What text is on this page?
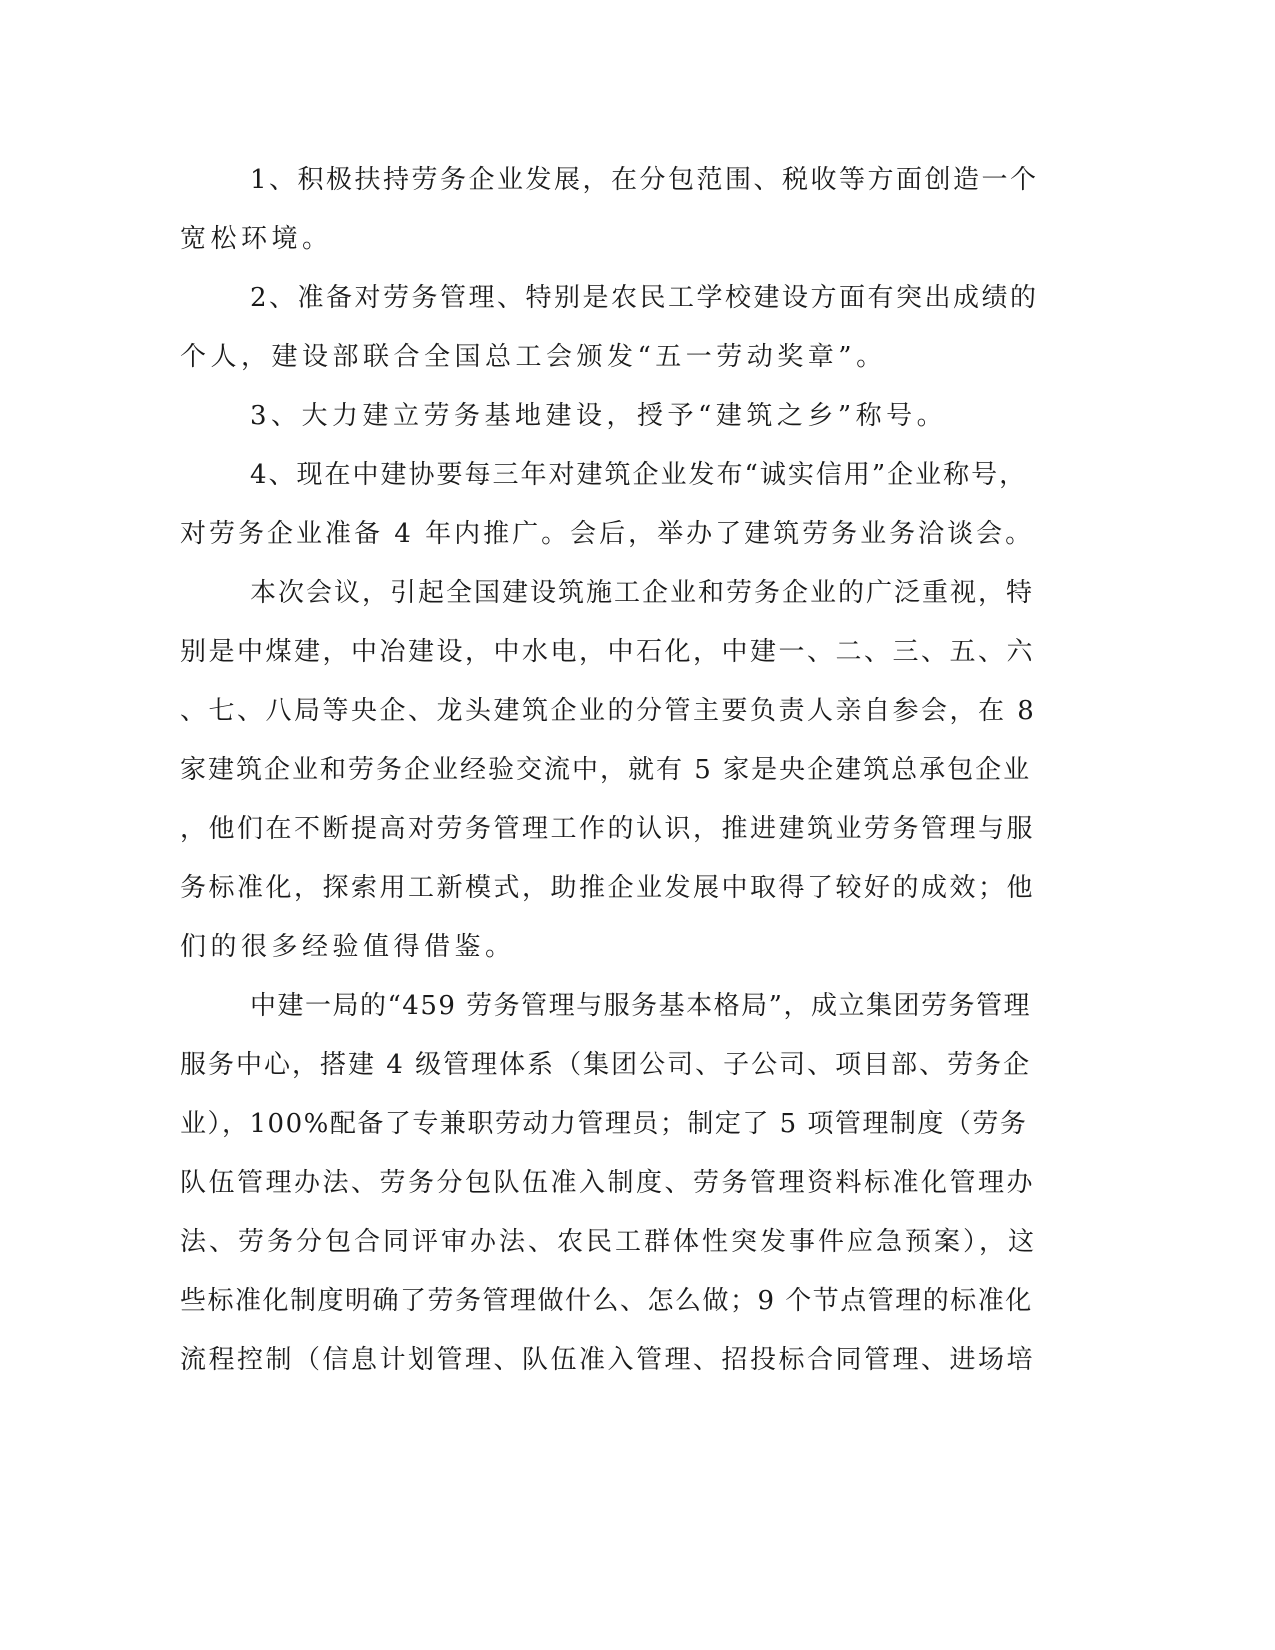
1、积极扶持劳务企业发展，在分包范围、税收等方面创造一个
宽松环境。
2、准备对劳务管理、特别是农民工学校建设方面有突出成绩的
个人，建设部联合全国总工会颁发“五一劳动奖章”。
3、大力建立劳务基地建设，授予“建筑之乡”称号。
4、现在中建协要每三年对建筑企业发布“诚实信用”企业称号，
对劳务企业准备 4 年内推广。会后，举办了建筑劳务业务洽谈会。
本次会议，引起全国建设筑施工企业和劳务企业的广泛重视，特
别是中煤建，中冶建设，中水电，中石化，中建一、二、三、五、六
、七、八局等央企、龙头建筑企业的分管主要负责人亲自参会，在 8
家建筑企业和劳务企业经验交流中，就有 5 家是央企建筑总承包企业
，他们在不断提高对劳务管理工作的认识，推进建筑业劳务管理与服
务标准化，探索用工新模式，助推企业发展中取得了较好的成效；他
们的很多经验值得借鉴。
中建一局的“459 劳务管理与服务基本格局”，成立集团劳务管理
服务中心，搭建 4 级管理体系（集团公司、子公司、项目部、劳务企
业），100%配备了专兼职劳动力管理员；制定了 5 项管理制度（劳务
队伍管理办法、劳务分包队伍准入制度、劳务管理资料标准化管理办
法、劳务分包合同评审办法、农民工群体性突发事件应急预案），这
些标准化制度明确了劳务管理做什么、怎么做；9 个节点管理的标准化
流程控制（信息计划管理、队伍准入管理、招投标合同管理、进场培
